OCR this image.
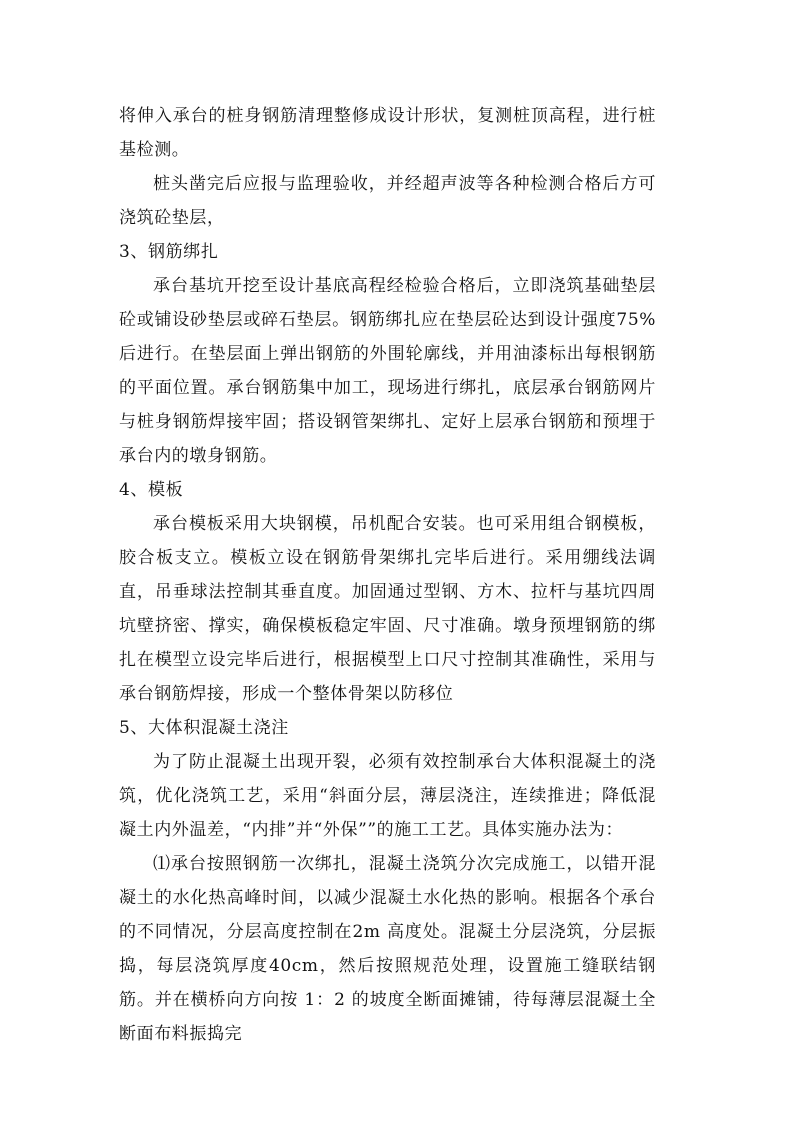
将伸入承台的桩身钢筋清理整修成设计形状，复测桩顶高程，进行桩基检测。

桩头凿完后应报与监理验收，并经超声波等各种检测合格后方可浇筑砼垫层，

3、钢筋绑扎

承台基坑开挖至设计基底高程经检验合格后，立即浇筑基础垫层砼或铺设砂垫层或碎石垫层。钢筋绑扎应在垫层砼达到设计强度75%后进行。在垫层面上弹出钢筋的外围轮廓线，并用油漆标出每根钢筋的平面位置。承台钢筋集中加工，现场进行绑扎，底层承台钢筋网片与桩身钢筋焊接牢固；搭设钢管架绑扎、定好上层承台钢筋和预埋于承台内的墩身钢筋。

4、模板

承台模板采用大块钢模，吊机配合安装。也可采用组合钢模板，胶合板支立。模板立设在钢筋骨架绑扎完毕后进行。采用绷线法调直，吊垂球法控制其垂直度。加固通过型钢、方木、拉杆与基坑四周坑壁挤密、撑实，确保模板稳定牢固、尺寸准确。墩身预埋钢筋的绑扎在模型立设完毕后进行，根据模型上口尺寸控制其准确性，采用与承台钢筋焊接，形成一个整体骨架以防移位

5、大体积混凝土浇注

为了防止混凝土出现开裂，必须有效控制承台大体积混凝土的浇筑，优化浇筑工艺，采用“斜面分层，薄层浇注，连续推进；降低混凝土内外温差，“内排”并“外保””的施工工艺。具体实施办法为：

⑴承台按照钢筋一次绑扎，混凝土浇筑分次完成施工，以错开混凝土的水化热高峰时间，以减少混凝土水化热的影响。根据各个承台的不同情况，分层高度控制在2m 高度处。混凝土分层浇筑，分层振捣，每层浇筑厚度40cm，然后按照规范处理，设置施工缝联结钢筋。并在横桥向方向按 1：2 的坡度全断面摊铺，待每薄层混凝土全断面布料振捣完
